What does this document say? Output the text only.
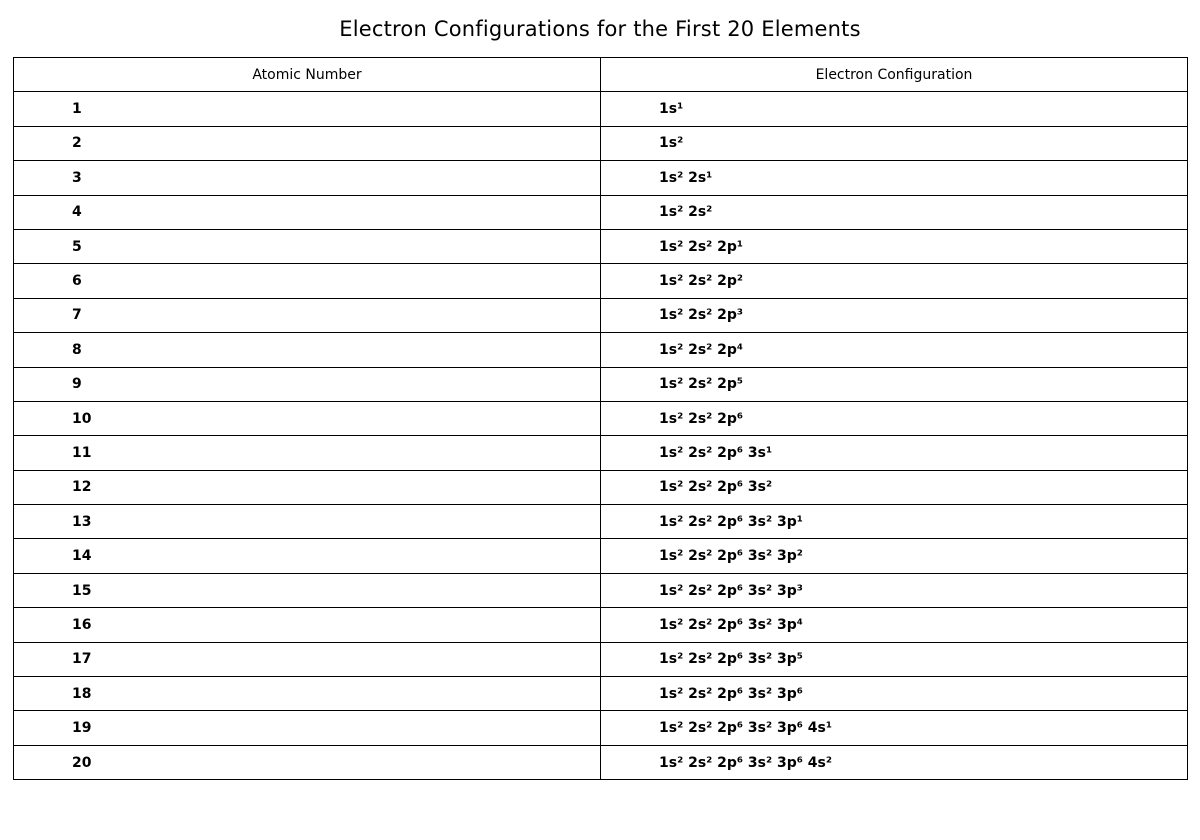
Electron Configurations for the First 20 Elements
Atomic Number	Electron Configuration
1	1s¹
2	1s²
3	1s² 2s¹
4	1s² 2s²
5	1s² 2s² 2p¹
6	1s² 2s² 2p²
7	1s² 2s² 2p³
8	1s² 2s² 2p⁴
9	1s² 2s² 2p⁵
10	1s² 2s² 2p⁶
11	1s² 2s² 2p⁶ 3s¹
12	1s² 2s² 2p⁶ 3s²
13	1s² 2s² 2p⁶ 3s² 3p¹
14	1s² 2s² 2p⁶ 3s² 3p²
15	1s² 2s² 2p⁶ 3s² 3p³
16	1s² 2s² 2p⁶ 3s² 3p⁴
17	1s² 2s² 2p⁶ 3s² 3p⁵
18	1s² 2s² 2p⁶ 3s² 3p⁶
19	1s² 2s² 2p⁶ 3s² 3p⁶ 4s¹
20	1s² 2s² 2p⁶ 3s² 3p⁶ 4s²
